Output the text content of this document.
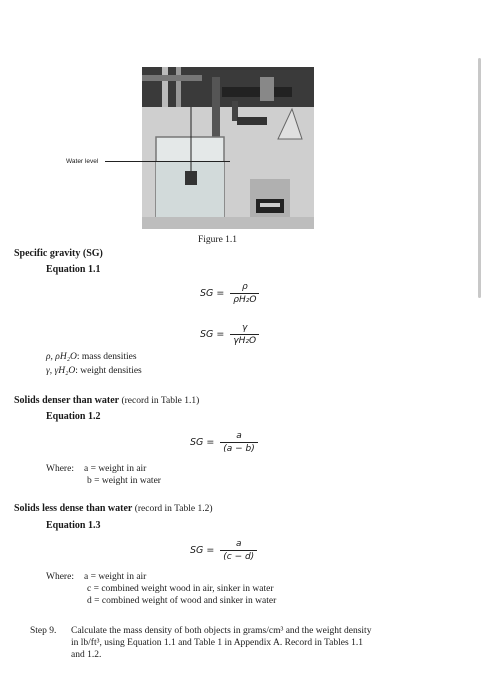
Water level
Figure 1.1
Specific gravity (SG)
Equation 1.1
SG = $\frac{\rho}{\text{ρH₂O}}$
SG = $\frac{\gamma}{\text{γH₂O}}$
ρ, ρH₂O: mass densities
γ, γH₂O: weight densities
Solids denser than water (record in Table 1.1)
Equation 1.2
SG = $\frac{a}{(a - b)}$
Where: a = weight in air
b = weight in water
Solids less dense than water (record in Table 1.2)
Equation 1.3
SG = $\frac{a}{(c - d)}$
Where: a = weight in air
c = combined weight wood in air, sinker in water
d = combined weight of wood and sinker in water
Step 9. Calculate the mass density of both objects in grams/cm³ and the weight density
in lb/ft³, using Equation 1.1 and Table 1 in Appendix A. Record in Tables 1.1
and 1.2.
